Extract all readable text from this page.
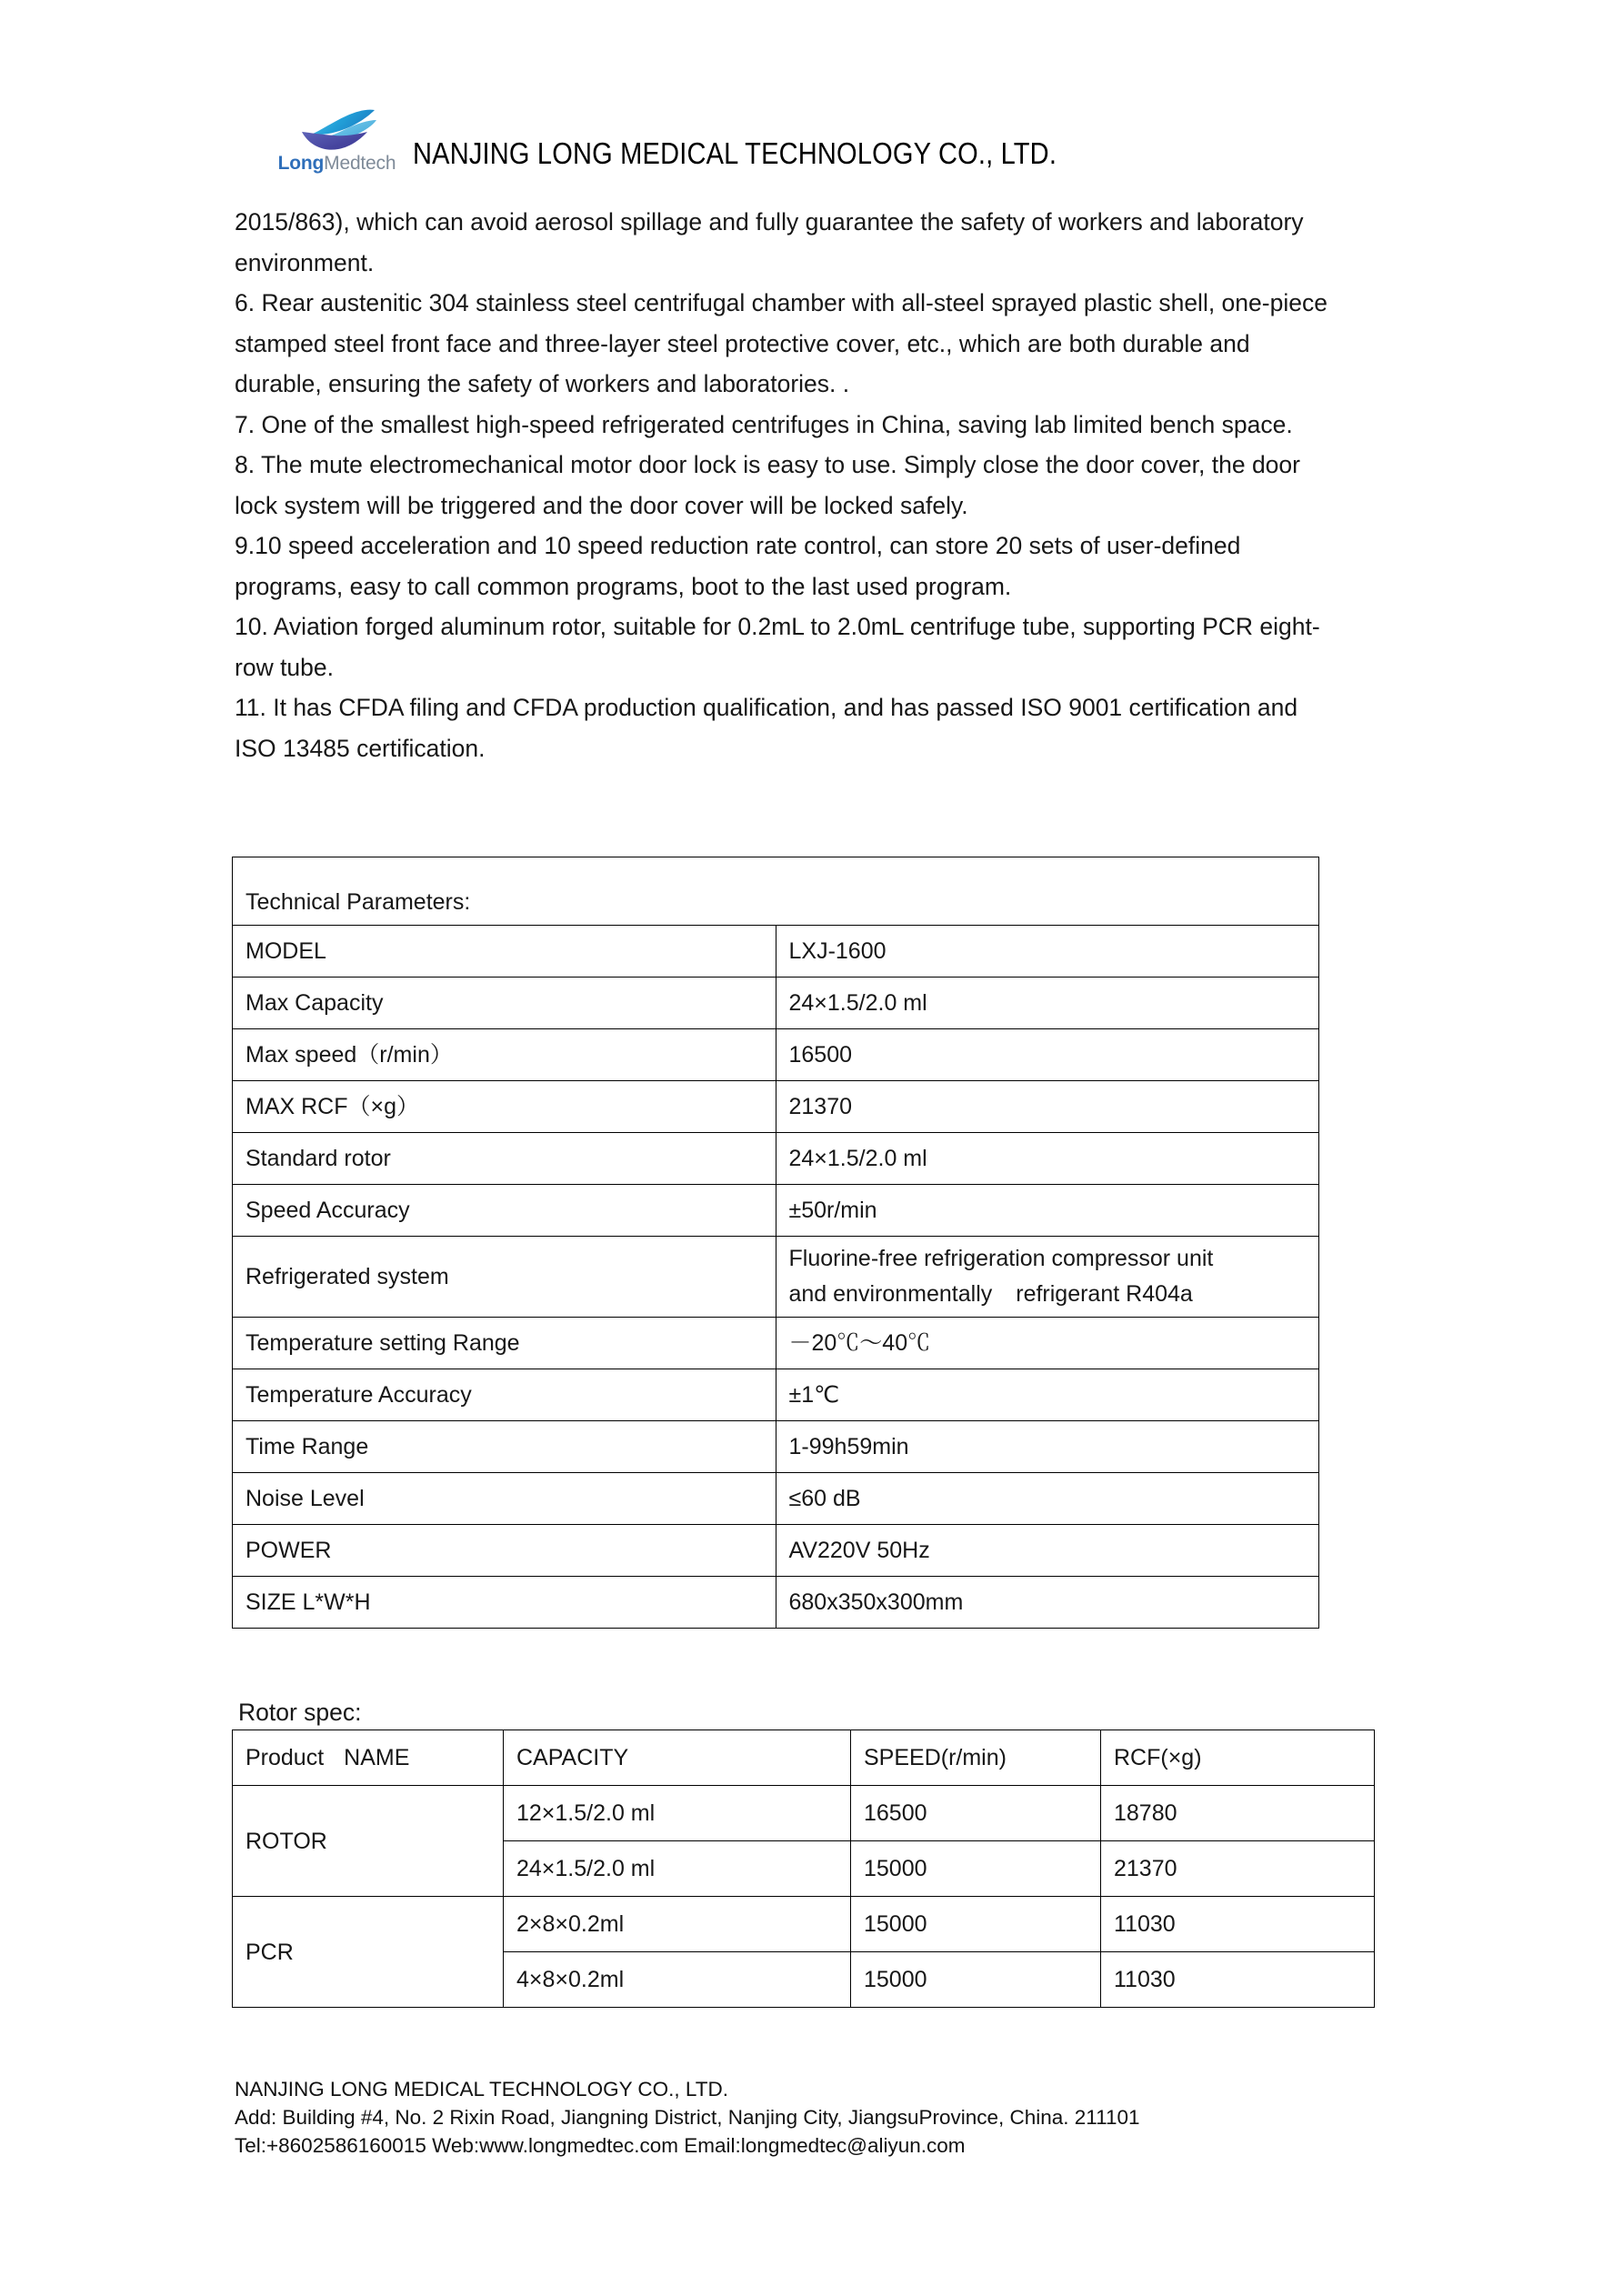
LongMedtech NANJING LONG MEDICAL TECHNOLOGY CO., LTD.

2015/863), which can avoid aerosol spillage and fully guarantee the safety of workers and laboratory environment.

6. Rear austenitic 304 stainless steel centrifugal chamber with all-steel sprayed plastic shell, one-piece stamped steel front face and three-layer steel protective cover, etc., which are both durable and durable, ensuring the safety of workers and laboratories. .

7. One of the smallest high-speed refrigerated centrifuges in China, saving lab limited bench space.

8. The mute electromechanical motor door lock is easy to use. Simply close the door cover, the door lock system will be triggered and the door cover will be locked safely.

9.10 speed acceleration and 10 speed reduction rate control, can store 20 sets of user-defined programs, easy to call common programs, boot to the last used program.

10. Aviation forged aluminum rotor, suitable for 0.2mL to 2.0mL centrifuge tube, supporting PCR eight-row tube.

11. It has CFDA filing and CFDA production qualification, and has passed ISO 9001 certification and ISO 13485 certification.

Technical Parameters:	
MODEL	LXJ-1600
Max Capacity	24×1.5/2.0 ml
Max speed（r/min）	16500
MAX RCF（×g）	21370
Standard rotor	24×1.5/2.0 ml
Speed Accuracy	±50r/min
Refrigerated system	Fluorine-free refrigeration compressor unit
and environmentally refrigerant R404a
Temperature setting Range	－20℃～40℃
Temperature Accuracy	±1℃
Time Range	1-99h59min
Noise Level	≤60 dB
POWER	AV220V 50Hz
SIZE L*W*H	680x350x300mm
Rotor spec:
Product NAME	CAPACITY	SPEED(r/min)	RCF(×g)
ROTOR	12×1.5/2.0 ml	16500	18780
	24×1.5/2.0 ml	15000	21370
PCR	2×8×0.2ml	15000	11030
	4×8×0.2ml	15000	11030
NANJING LONG MEDICAL TECHNOLOGY CO., LTD.
Add: Building #4, No. 2 Rixin Road, Jiangning District, Nanjing City, JiangsuProvince, China. 211101
Tel:+8602586160015 Web:www.longmedtec.com Email:longmedtec@aliyun.com
